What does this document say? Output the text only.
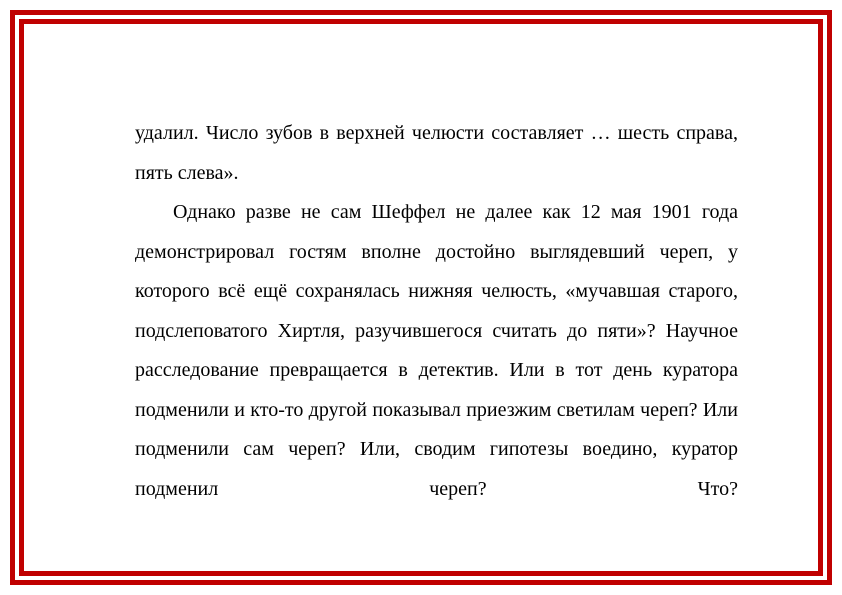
удалил. Число зубов в верхней челюсти составляет … шесть справа, пять слева».

Однако разве не сам Шеффел не далее как 12 мая 1901 года демонстрировал гостям вполне достойно выглядевший череп, у которого всё ещё сохранялась нижняя челюсть, «мучавшая старого, подслеповатого Хиртля, разучившегося считать до пяти»? Научное расследование превращается в детектив. Или в тот день куратора подменили и кто-то другой показывал приезжим светилам череп? Или подменили сам череп? Или, сводим гипотезы воедино, куратор подменил череп? Что?
